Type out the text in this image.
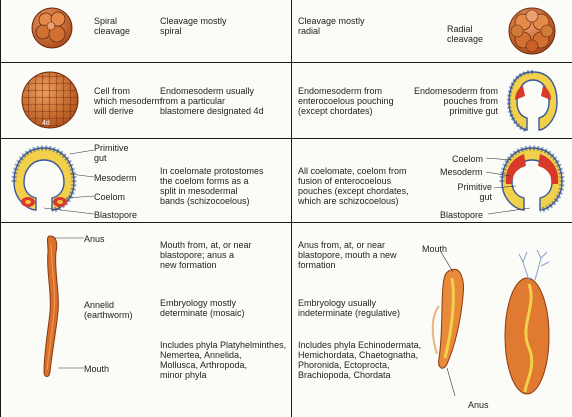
Spiral
cleavage
Cleavage mostly
spiral
Cleavage mostly
radial	Radial
cleavage
4d
Cell from
which mesoderm
will derive
Endomesoderm usually
from a particular
blastomere designated 4d
Endomesoderm from
enterocoelous pouching
(except chordates)
Endomesoderm from
pouches from
primitive gut
Primitive
gut
Mesoderm
Coelom
Blastopore
In coelomate protostomes
the coelom forms as a
split in mesodermal
bands (schizocoelous)
All coelomate, coelom from
fusion of enterocoelous
pouches (except chordates,
which are schizocoelous)
Coelom
Mesoderm
Primitive
gut
Blastopore
Anus
Annelid
(earthworm)
Mouth
Mouth from, at, or near
blastopore; anus a
new formation
Embryology mostly
determinate (mosaic)
Includes phyla Platyhelminthes,
Nemertea, Annelida,
Mollusca, Arthropoda,
minor phyla
Anus from, at, or near
blastopore, mouth a new
formation
Embryology usually
indeterminate (regulative)
Includes phyla Echinodermata,
Hemichordata, Chaetognatha,
Phoronida, Ectoprocta,
Brachiopoda, Chordata
Mouth
Anus
